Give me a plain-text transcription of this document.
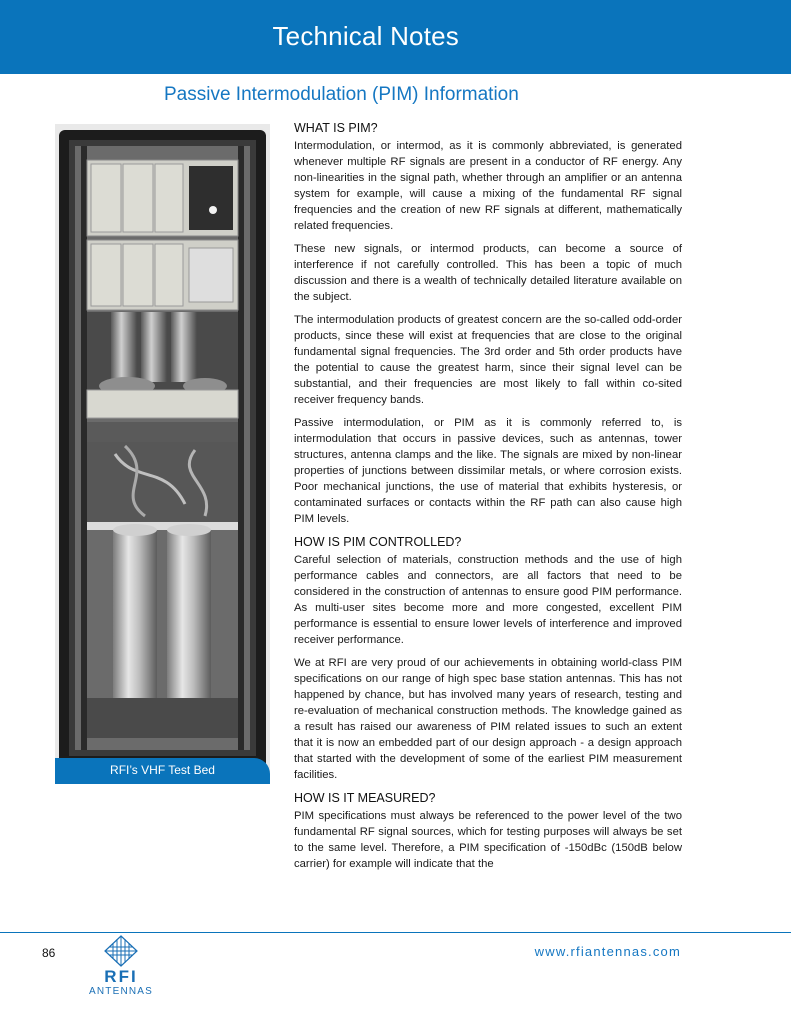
Technical Notes
Passive Intermodulation (PIM) Information
RFI’s VHF Test Bed
WHAT IS PIM?

Intermodulation, or intermod, as it is commonly abbreviated, is generated whenever multiple RF signals are present in a conductor of RF energy. Any non-linearities in the signal path, whether through an amplifier or an antenna system for example, will cause a mixing of the fundamental RF signal frequencies and the creation of new RF signals at different, mathematically related frequencies.

These new signals, or intermod products, can become a source of interference if not carefully controlled. This has been a topic of much discussion and there is a wealth of technically detailed literature available on the subject.

The intermodulation products of greatest concern are the so-called odd-order products, since these will exist at frequencies that are close to the original fundamental signal frequencies. The 3rd order and 5th order products have the potential to cause the greatest harm, since their signal level can be substantial, and their frequencies are most likely to fall within co-sited receiver frequency bands.

Passive intermodulation, or PIM as it is commonly referred to, is intermodulation that occurs in passive devices, such as antennas, tower structures, antenna clamps and the like. The signals are mixed by non-linear properties of junctions between dissimilar metals, or where corrosion exists. Poor mechanical junctions, the use of material that exhibits hysteresis, or contaminated surfaces or contacts within the RF path can also cause high PIM levels.

HOW IS PIM CONTROLLED?

Careful selection of materials, construction methods and the use of high performance cables and connectors, are all factors that need to be considered in the construction of antennas to ensure good PIM performance. As multi-user sites become more and more congested, excellent PIM performance is essential to ensure lower levels of interference and improved receiver performance.

We at RFI are very proud of our achievements in obtaining world-class PIM specifications on our range of high spec base station antennas. This has not happened by chance, but has involved many years of research, testing and re-evaluation of mechanical construction methods. The knowledge gained as a result has raised our awareness of PIM related issues to such an extent that it is now an embedded part of our design approach - a design approach that started with the development of some of the earliest PIM measurement facilities.

HOW IS IT MEASURED?

PIM specifications must always be referenced to the power level of the two fundamental RF signal sources, which for testing purposes will always be set to the same level. Therefore, a PIM specification of -150dBc (150dB below carrier) for example will indicate that the

86
RFI
ANTENNAS
www.rfiantennas.com
